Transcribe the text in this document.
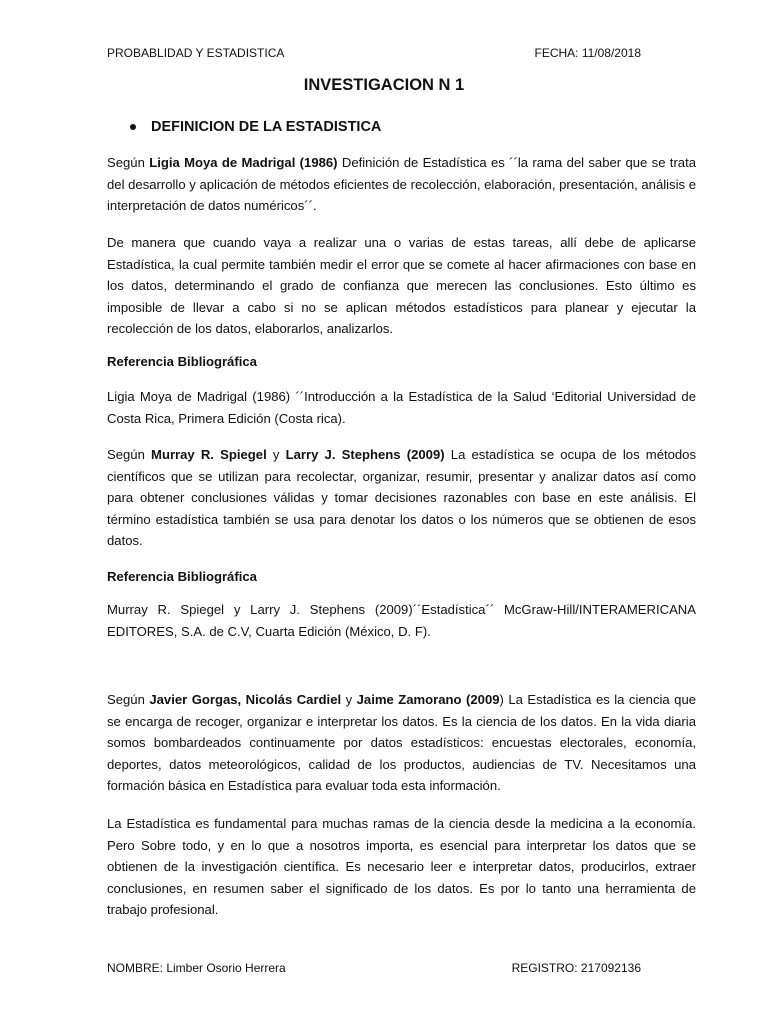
PROBABLIDAD Y ESTADISTICA	FECHA: 11/08/2018
INVESTIGACION N 1
DEFINICION DE LA ESTADISTICA

Según Ligia Moya de Madrigal (1986) Definición de Estadística es ´´la rama del saber que se trata del desarrollo y aplicación de métodos eficientes de recolección, elaboración, presentación, análisis e interpretación de datos numéricos´´.

De manera que cuando vaya a realizar una o varias de estas tareas, allí debe de aplicarse Estadística, la cual permite también medir el error que se comete al hacer afirmaciones con base en los datos, determinando el grado de confianza que merecen las conclusiones. Esto último es imposible de llevar a cabo si no se aplican métodos estadísticos para planear y ejecutar la recolección de los datos, elaborarlos, analizarlos.

Referencia Bibliográfica

Ligia Moya de Madrigal (1986) ´´Introducción a la Estadística de la Salud ‘Editorial Universidad de Costa Rica, Primera Edición (Costa rica).

Según Murray R. Spiegel y Larry J. Stephens (2009) La estadística se ocupa de los métodos científicos que se utilizan para recolectar, organizar, resumir, presentar y analizar datos así como para obtener conclusiones válidas y tomar decisiones razonables con base en este análisis. El término estadística también se usa para denotar los datos o los números que se obtienen de esos datos.

Referencia Bibliográfica

Murray R. Spiegel y Larry J. Stephens (2009)´´Estadística´´ McGraw-Hill/INTERAMERICANA EDITORES, S.A. de C.V, Cuarta Edición (México, D. F).

Según Javier Gorgas, Nicolás Cardiel y Jaime Zamorano (2009) La Estadística es la ciencia que se encarga de recoger, organizar e interpretar los datos. Es la ciencia de los datos. En la vida diaria somos bombardeados continuamente por datos estadísticos: encuestas electorales, economía, deportes, datos meteorológicos, calidad de los productos, audiencias de TV. Necesitamos una formación básica en Estadística para evaluar toda esta información.

La Estadística es fundamental para muchas ramas de la ciencia desde la medicina a la economía. Pero Sobre todo, y en lo que a nosotros importa, es esencial para interpretar los datos que se obtienen de la investigación científica. Es necesario leer e interpretar datos, producirlos, extraer conclusiones, en resumen saber el significado de los datos. Es por lo tanto una herramienta de trabajo profesional.

NOMBRE: Limber Osorio Herrera	REGISTRO: 217092136
